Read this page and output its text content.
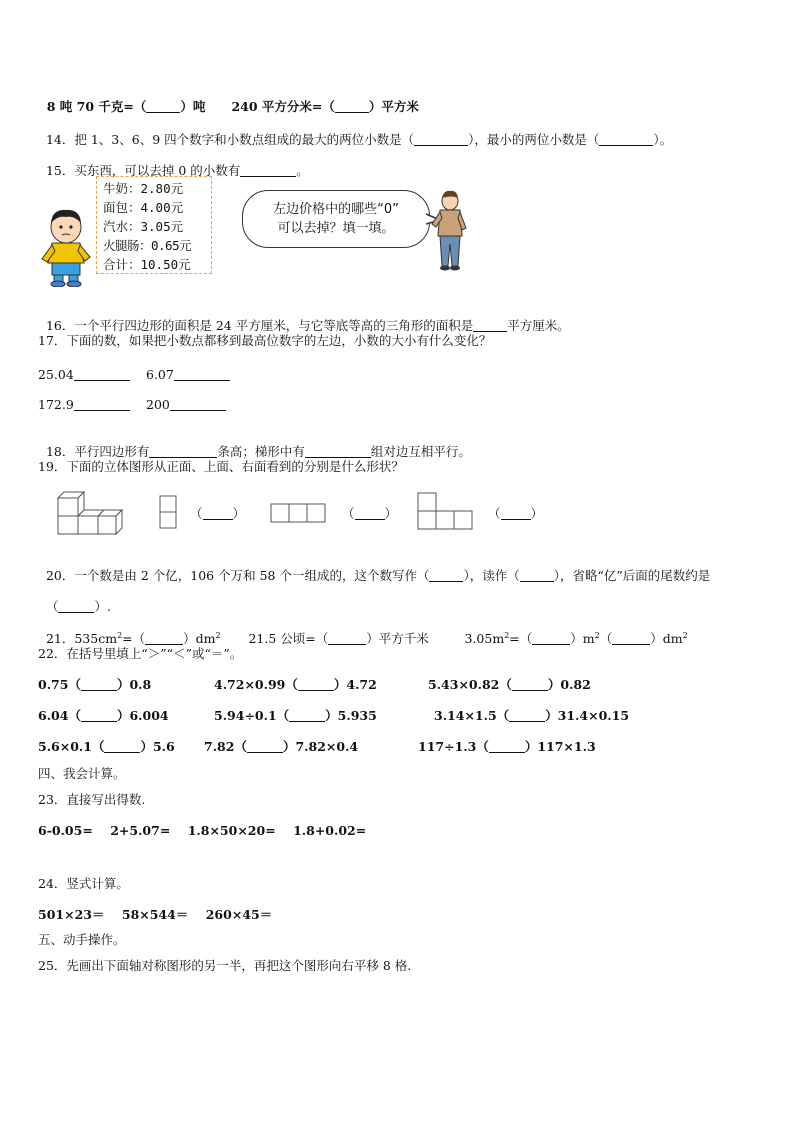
8 吨 70 千克=（	）吨 240 平方分米=（	）平方米

14．把 1、3、6、9 四个数字和小数点组成的最大的两位小数是（	），最小的两位小数是（	）。

15．买东西，可以去掉 0 的小数有	。

牛奶：2.80元
面包：4.00元
汽水：3.05元
火腿肠：0.65元
合计：10.50元
左边价格中的哪些“0”
可以去掉？填一填。

16．一个平行四边形的面积是 24 平方厘米，与它等底等高的三角形的面积是	平方厘米。

17．下面的数，如果把小数点都移到最高位数字的左边，小数的大小有什么变化？
25.04	6.07
172.9	200

18．平行四边形有	条高；梯形中有	组对边互相平行。

19．下面的立体图形从正面、上面、右面看到的分别是什么形状？
（ ）	（ ）	（ ）

20．一个数是由 2 个亿，106 个万和 58 个一组成的，这个数写作（	），读作（	），省略“亿”后面的尾数约是

（	）.

21．$535cm^2=$（	）$dm^2$ 21.5 公顷=（	）平方千米	$3.05m^2=$（	）$m^2$（	）$dm^2$

22．在括号里填上“＞”“＜”或“＝”。
0.75（	）0.8	4.72×0.99（	）4.72	5.43×0.82（	）0.82
6.04（	）6.004	5.94÷0.1（	）5.935	3.14×1.5（	）31.4×0.15
5.6×0.1（	）5.6 7.82（	）7.82×0.4	117÷1.3（	）117×1.3
四、我会计算。
23．直接写出得数.
6-0.05=    2+5.07=    1.8×50×20=    1.8+0.02=
24．竖式计算。
501×23＝    58×544＝    260×45＝
五、动手操作。
25．先画出下面轴对称图形的另一半，再把这个图形向右平移 8 格.
